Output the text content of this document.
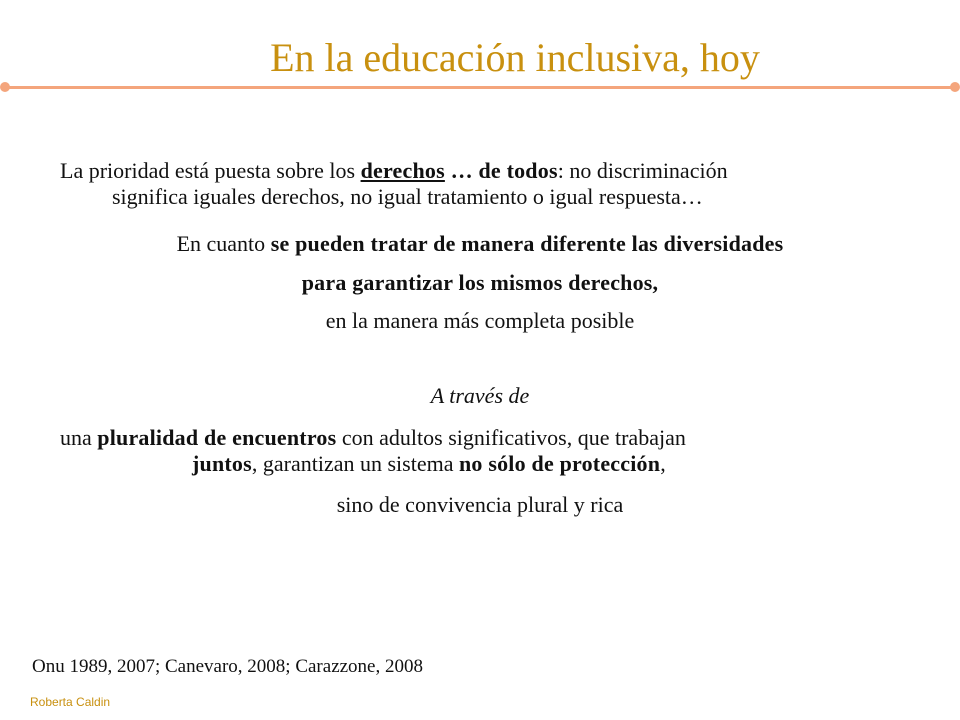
En la educación inclusiva, hoy
La prioridad está puesta sobre los derechos … de todos: no discriminación
significa iguales derechos, no igual tratamiento o igual respuesta…
En cuanto se pueden tratar de manera diferente las diversidades
para garantizar los mismos derechos,
en la manera más completa posible
A través de
una pluralidad de encuentros con adultos significativos, que trabajan
juntos, garantizan un sistema no sólo de protección,
sino de convivencia plural y rica
Onu 1989, 2007; Canevaro, 2008; Carazzone, 2008
Roberta Caldin
